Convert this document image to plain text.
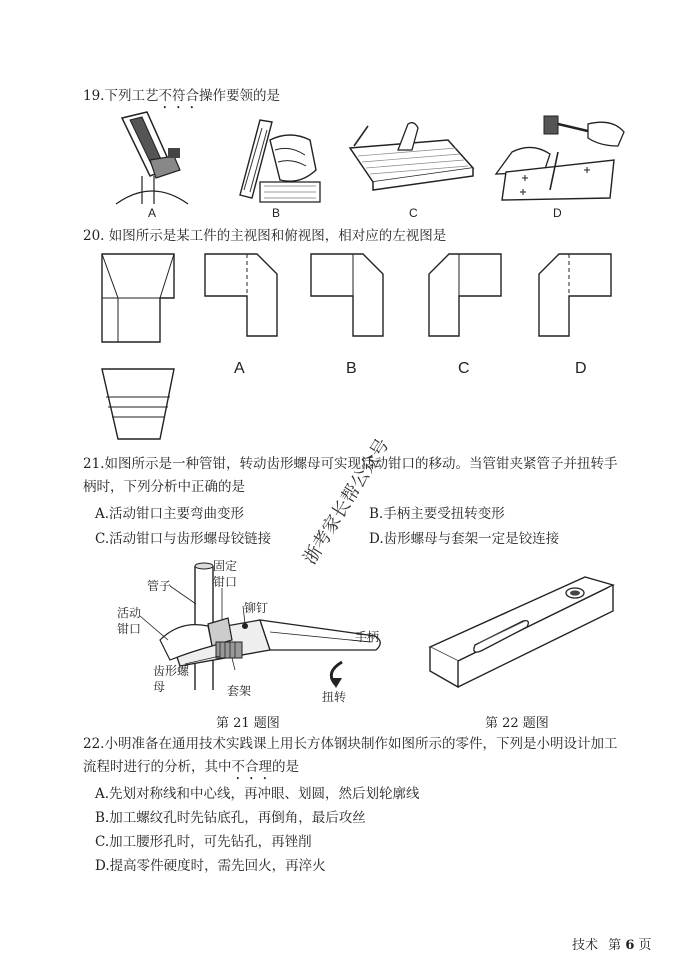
19.下列工艺不符合操作要领的是
A	B	C	D
20. 如图所示是某工件的主视图和俯视图，相对应的左视图是
A	B	C	D
21.如图所示是一种管钳，转动齿形螺母可实现活动钳口的移动。当管钳夹紧管子并扭转手
柄时，下列分析中正确的是
A.活动钳口主要弯曲变形	B.手柄主要受扭转变形
C.活动钳口与齿形螺母铰链接	D.齿形螺母与套架一定是铰连接
浙考家长帮公众号
管子
固定
钳口
活动
钳口
铆钉
手柄
齿形螺
母	套架	扭转
第 21 题图	第 22 题图
22.小明准备在通用技术实践课上用长方体钢块制作如图所示的零件，下列是小明设计加工
流程时进行的分析，其中不合理的是
A.先划对称线和中心线，再冲眼、划圆，然后划轮廓线
B.加工螺纹孔时先钻底孔，再倒角，最后攻丝
C.加工腰形孔时，可先钻孔，再锉削
D.提高零件硬度时，需先回火，再淬火
技术 第 6 页
